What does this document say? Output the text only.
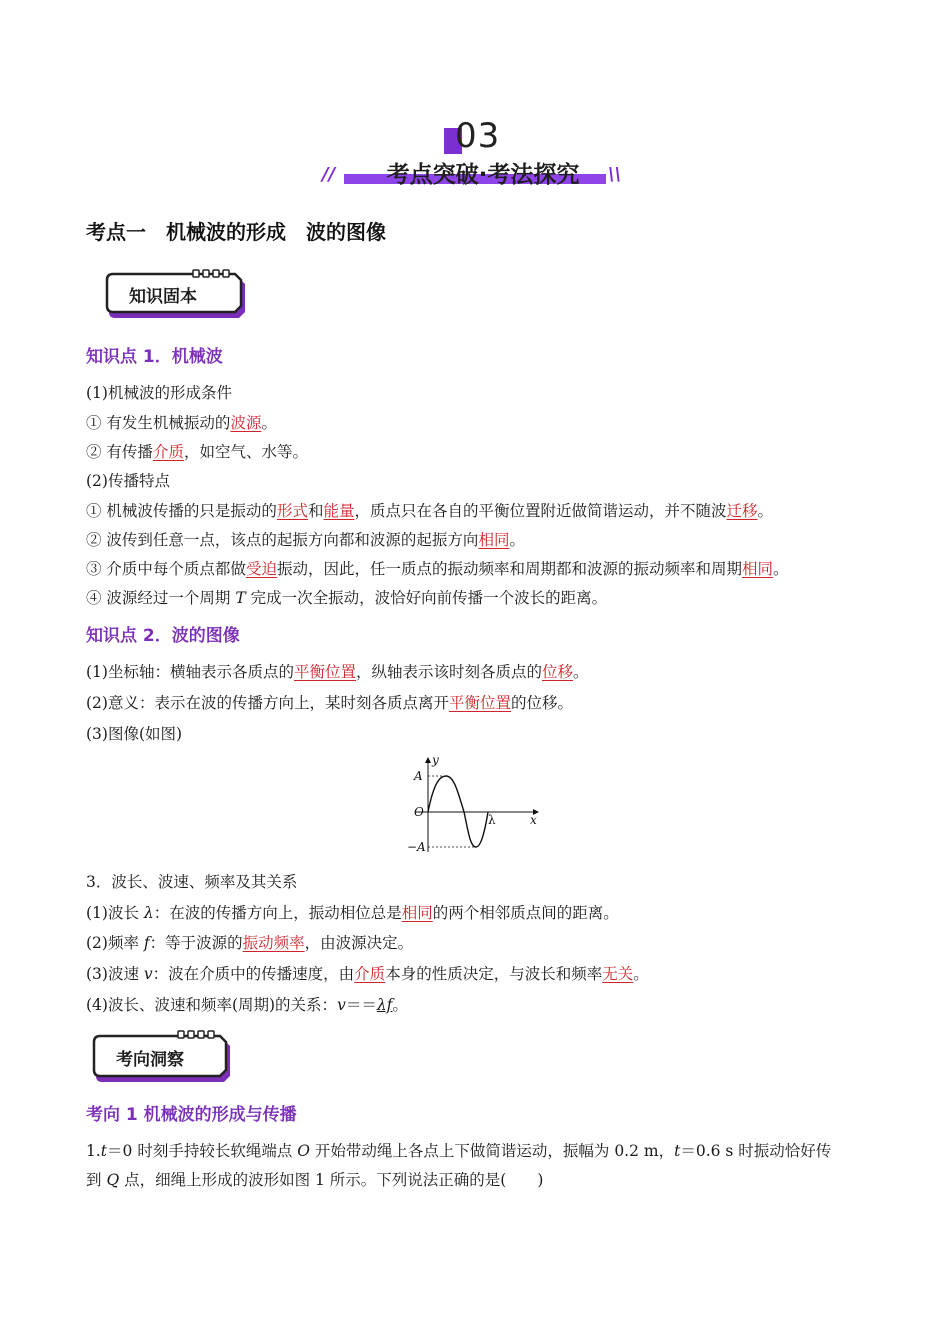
03
//	考点突破·考法探究	\\
考点一　机械波的形成　波的图像
知识固本
知识点 1．机械波
(1)机械波的形成条件
① 有发生机械振动的波源。
② 有传播介质，如空气、水等。
(2)传播特点
① 机械波传播的只是振动的形式和能量，质点只在各自的平衡位置附近做简谐运动，并不随波迁移。
② 波传到任意一点，该点的起振方向都和波源的起振方向相同。
③ 介质中每个质点都做受迫振动，因此，任一质点的振动频率和周期都和波源的振动频率和周期相同。
④ 波源经过一个周期 T 完成一次全振动，波恰好向前传播一个波长的距离。
知识点 2．波的图像
(1)坐标轴：横轴表示各质点的平衡位置，纵轴表示该时刻各质点的位移。
(2)意义：表示在波的传播方向上，某时刻各质点离开平衡位置的位移。
(3)图像(如图)
y
x
A
O
−A
λ
3．波长、波速、频率及其关系
(1)波长 λ：在波的传播方向上，振动相位总是相同的两个相邻质点间的距离。
(2)频率 f：等于波源的振动频率，由波源决定。
(3)波速 v：波在介质中的传播速度，由介质本身的性质决定，与波长和频率无关。
(4)波长、波速和频率(周期)的关系：v＝＝λf。
考向洞察
考向 1 机械波的形成与传播
1.t＝0 时刻手持较长软绳端点 O 开始带动绳上各点上下做简谐运动，振幅为 0.2 m，t＝0.6 s 时振动恰好传
到 Q 点，细绳上形成的波形如图 1 所示。下列说法正确的是(　　)
